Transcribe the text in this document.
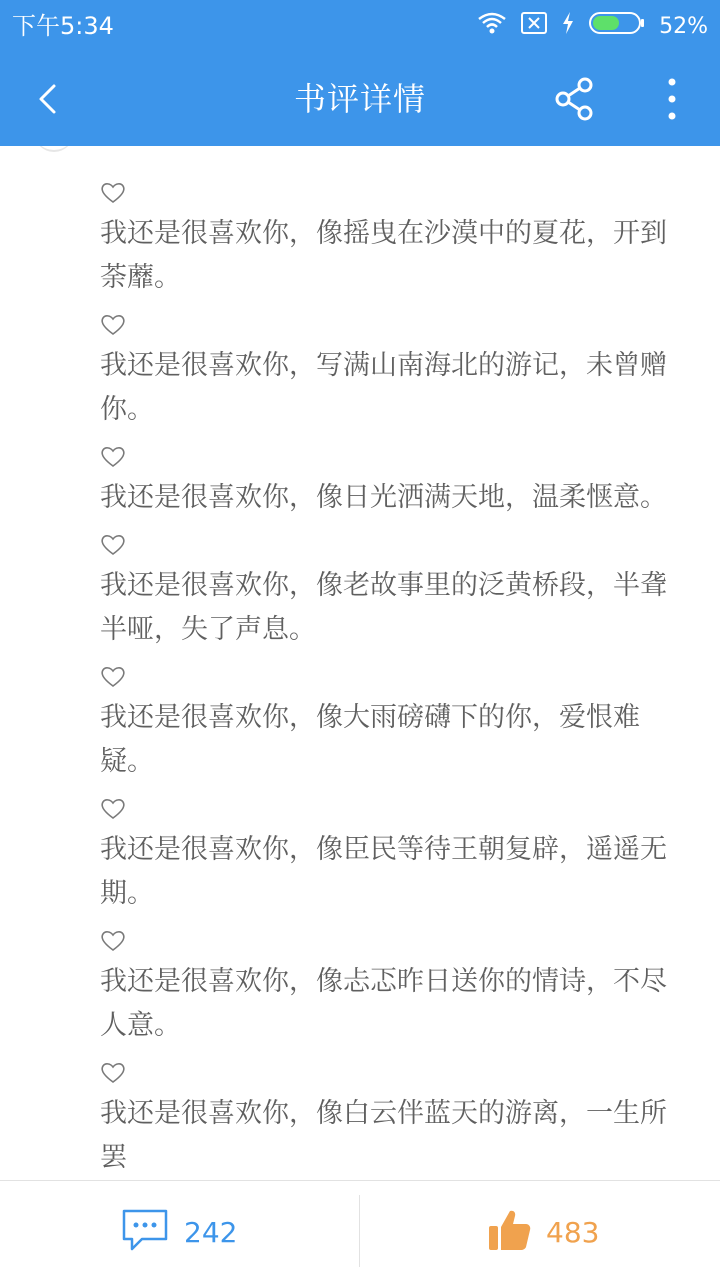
下午5:34	52%
书评详情

我还是很喜欢你，像摇曳在沙漠中的夏花，开到荼蘼。

我还是很喜欢你，写满山南海北的游记，未曾赠你。

我还是很喜欢你，像日光洒满天地，温柔惬意。

我还是很喜欢你，像老故事里的泛黄桥段，半聋半哑，失了声息。

我还是很喜欢你，像大雨磅礴下的你，爱恨难疑。

我还是很喜欢你，像臣民等待王朝复辟，遥遥无期。

我还是很喜欢你，像忐忑昨日送你的情诗，不尽人意。

我还是很喜欢你，像白云伴蓝天的游离，一生所罢

242	483
